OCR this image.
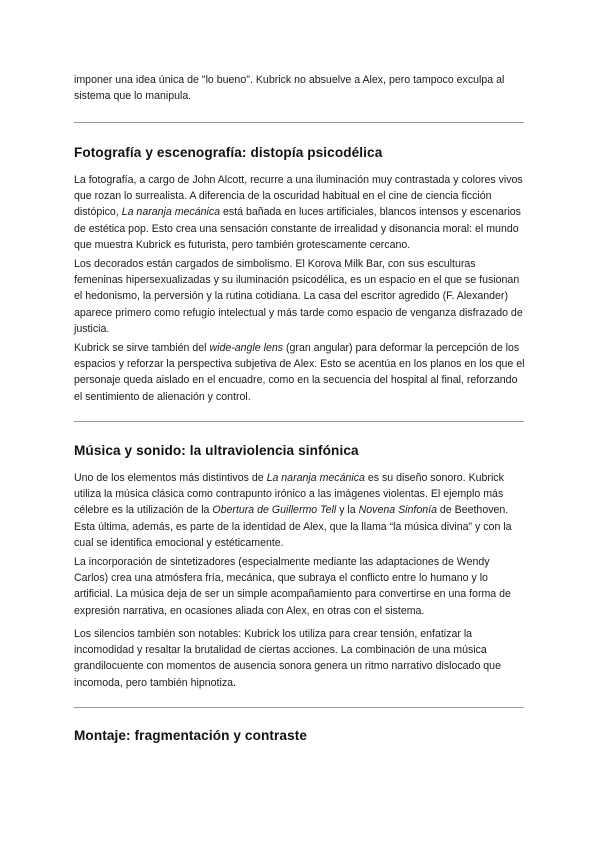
imponer una idea única de "lo bueno". Kubrick no absuelve a Alex, pero tampoco exculpa al sistema que lo manipula.

Fotografía y escenografía: distopía psicodélica

La fotografía, a cargo de John Alcott, recurre a una iluminación muy contrastada y colores vivos que rozan lo surrealista. A diferencia de la oscuridad habitual en el cine de ciencia ficción distópico, La naranja mecánica está bañada en luces artificiales, blancos intensos y escenarios de estética pop. Esto crea una sensación constante de irrealidad y disonancia moral: el mundo que muestra Kubrick es futurista, pero también grotescamente cercano.

Los decorados están cargados de simbolismo. El Korova Milk Bar, con sus esculturas femeninas hipersexualizadas y su iluminación psicodélica, es un espacio en el que se fusionan el hedonismo, la perversión y la rutina cotidiana. La casa del escritor agredido (F. Alexander) aparece primero como refugio intelectual y más tarde como espacio de venganza disfrazado de justicia.

Kubrick se sirve también del wide-angle lens (gran angular) para deformar la percepción de los espacios y reforzar la perspectiva subjetiva de Alex. Esto se acentúa en los planos en los que el personaje queda aislado en el encuadre, como en la secuencia del hospital al final, reforzando el sentimiento de alienación y control.

Música y sonido: la ultraviolencia sinfónica

Uno de los elementos más distintivos de La naranja mecánica es su diseño sonoro. Kubrick utiliza la música clásica como contrapunto irónico a las imágenes violentas. El ejemplo más célebre es la utilización de la Obertura de Guillermo Tell y la Novena Sinfonía de Beethoven. Esta última, además, es parte de la identidad de Alex, que la llama “la música divina” y con la cual se identifica emocional y estéticamente.

La incorporación de sintetizadores (especialmente mediante las adaptaciones de Wendy Carlos) crea una atmósfera fría, mecánica, que subraya el conflicto entre lo humano y lo artificial. La música deja de ser un simple acompañamiento para convertirse en una forma de expresión narrativa, en ocasiones aliada con Alex, en otras con el sistema.

Los silencios también son notables: Kubrick los utiliza para crear tensión, enfatizar la incomodidad y resaltar la brutalidad de ciertas acciones. La combinación de una música grandilocuente con momentos de ausencia sonora genera un ritmo narrativo dislocado que incomoda, pero también hipnotiza.

Montaje: fragmentación y contraste
